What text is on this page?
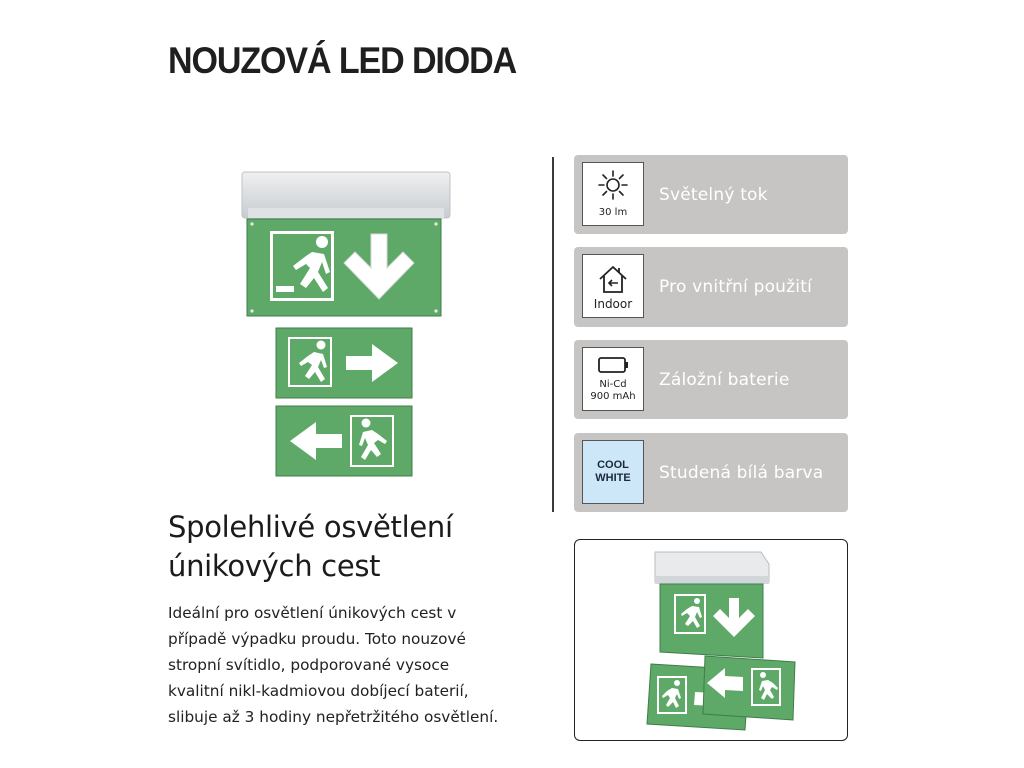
NOUZOVÁ LED DIODA
30 lm
Světelný tok
Indoor
Pro vnitřní použití
Ni-Cd
900 mAh
Záložní baterie
COOL
WHITE Studená bílá barva
Spolehlivé osvětlení
únikových cest
Ideální pro osvětlení únikových cest v
případě výpadku proudu. Toto nouzové
stropní svítidlo, podporované vysoce
kvalitní nikl-kadmiovou dobíjecí baterií,
slibuje až 3 hodiny nepřetržitého osvětlení.
